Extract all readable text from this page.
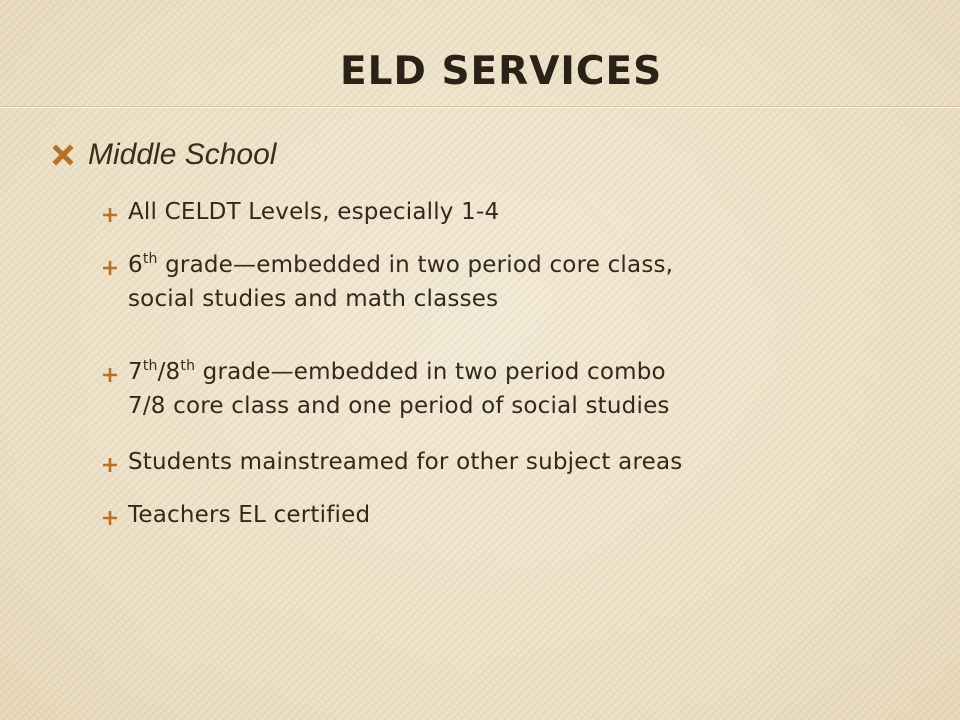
ELD SERVICES
Middle School
All CELDT Levels, especially 1-4
6th grade—embedded in two period core class,
social studies and math classes
7th/8th grade—embedded in two period combo
7/8 core class and one period of social studies
Students mainstreamed for other subject areas
Teachers EL certified
